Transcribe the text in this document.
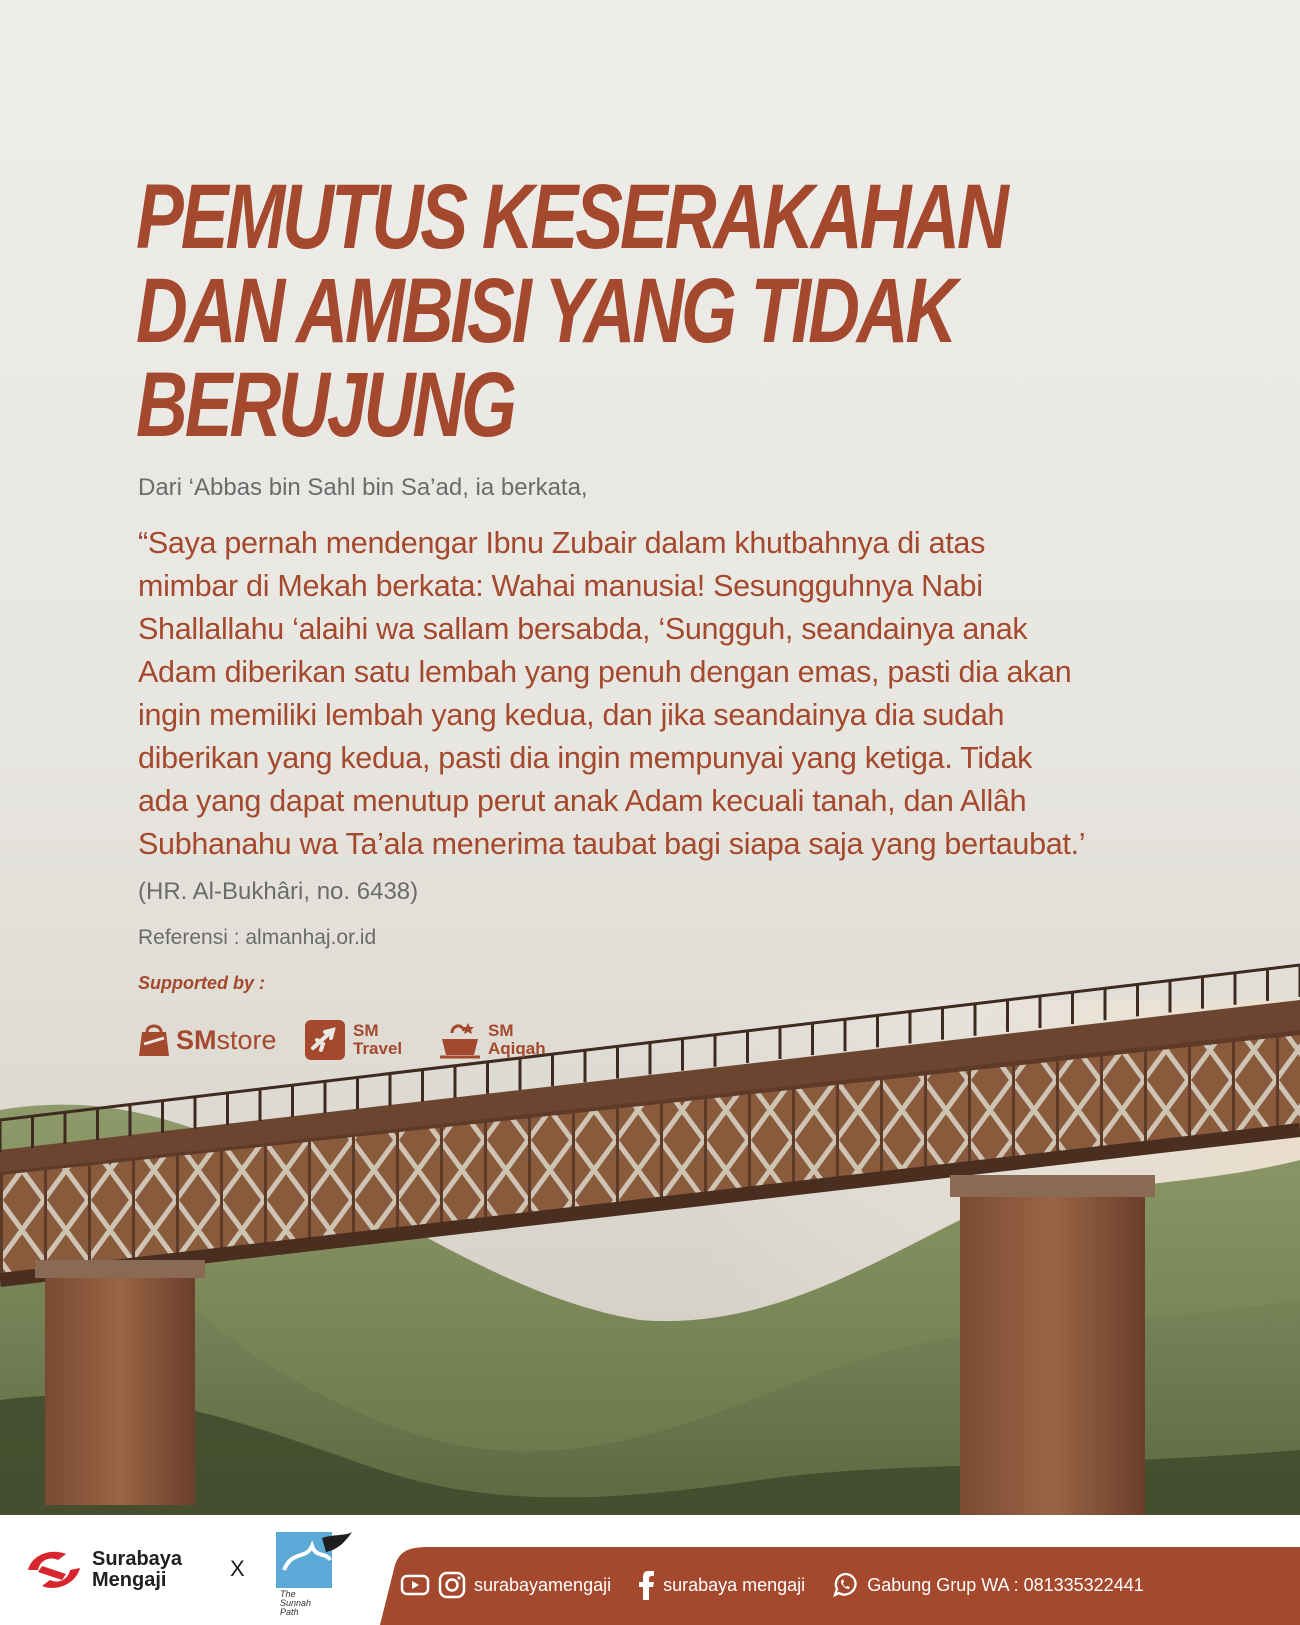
PEMUTUS KESERAKAHAN
DAN AMBISI YANG TIDAK
BERUJUNG
Dari ‘Abbas bin Sahl bin Sa’ad, ia berkata,
“Saya pernah mendengar Ibnu Zubair dalam khutbahnya di atas
mimbar di Mekah berkata: Wahai manusia! Sesungguhnya Nabi
Shallallahu ‘alaihi wa sallam bersabda, ‘Sungguh, seandainya anak
Adam diberikan satu lembah yang penuh dengan emas, pasti dia akan
ingin memiliki lembah yang kedua, dan jika seandainya dia sudah
diberikan yang kedua, pasti dia ingin mempunyai yang ketiga. Tidak
ada yang dapat menutup perut anak Adam kecuali tanah, dan Allâh
Subhanahu wa Ta’ala menerima taubat bagi siapa saja yang bertaubat.’
(HR. Al-Bukhâri, no. 6438)
Referensi : almanhaj.or.id
Supported by :
SMstore	SM
Travel
SM
Aqiqah
Surabaya
Mengaji	X
The
Sunnah
Path
surabayamengaji	surabaya mengaji	Gabung Grup WA : 081335322441
